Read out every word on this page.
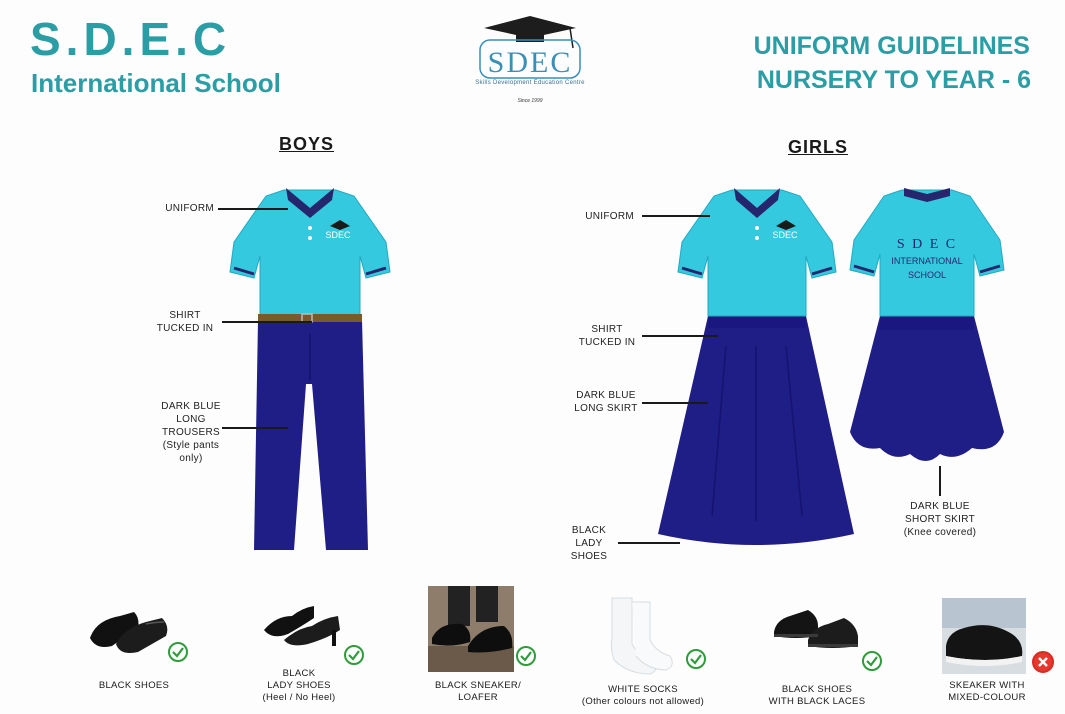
S.D.E.C
International School
SDEC
Skills Development Education Centre
Since 1999
UNIFORM GUIDELINES
NURSERY TO YEAR - 6
BOYS
SDEC
UNIFORM
SHIRT
TUCKED IN
DARK BLUE
LONG TROUSERS
(Style pants
only)
GIRLS
SDEC
S D E C
INTERNATIONAL
SCHOOL
UNIFORM
SHIRT
TUCKED IN
DARK BLUE
LONG SKIRT
BLACK
LADY
SHOES
DARK BLUE
SHORT SKIRT
(Knee covered)
BLACK SHOES
BLACK
LADY SHOES
(Heel / No Heel)
BLACK SNEAKER/
LOAFER
WHITE SOCKS
(Other colours not allowed)
BLACK SHOES
WITH BLACK LACES
SKEAKER WITH
MIXED-COLOUR
